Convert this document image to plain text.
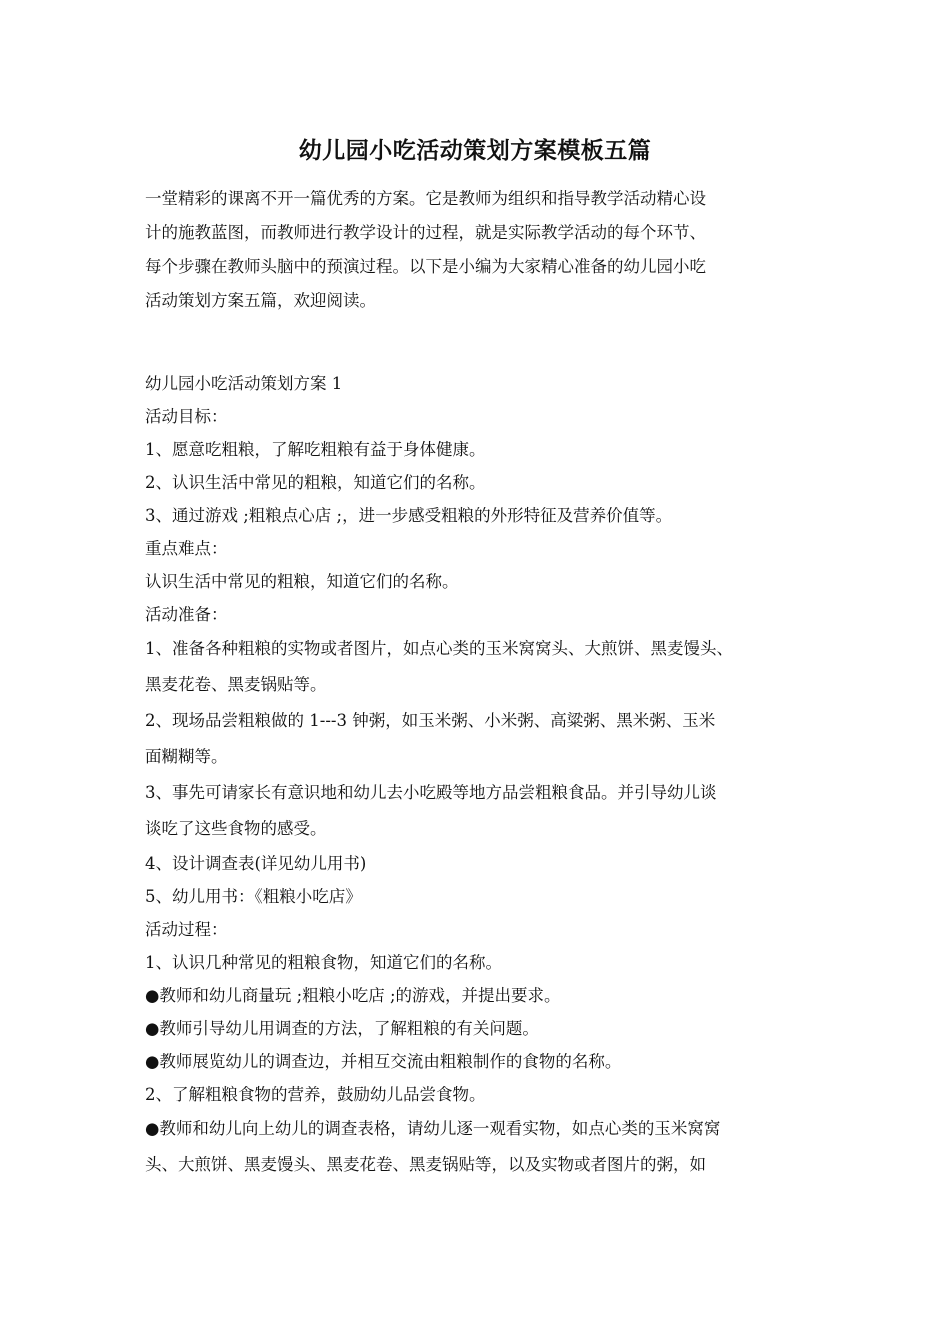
幼儿园小吃活动策划方案模板五篇

一堂精彩的课离不开一篇优秀的方案。它是教师为组织和指导教学活动精心设

计的施教蓝图，而教师进行教学设计的过程，就是实际教学活动的每个环节、

每个步骤在教师头脑中的预演过程。以下是小编为大家精心准备的幼儿园小吃

活动策划方案五篇，欢迎阅读。

幼儿园小吃活动策划方案 1

活动目标：

1、愿意吃粗粮，了解吃粗粮有益于身体健康。

2、认识生活中常见的粗粮，知道它们的名称。

3、通过游戏 ;粗粮点心店 ;，进一步感受粗粮的外形特征及营养价值等。

重点难点：

认识生活中常见的粗粮，知道它们的名称。

活动准备：

1、准备各种粗粮的实物或者图片，如点心类的玉米窝窝头、大煎饼、黑麦馒头、

黑麦花卷、黑麦锅贴等。

2、现场品尝粗粮做的 1---3 钟粥，如玉米粥、小米粥、高粱粥、黑米粥、玉米

面糊糊等。

3、事先可请家长有意识地和幼儿去小吃殿等地方品尝粗粮食品。并引导幼儿谈

谈吃了这些食物的感受。

4、设计调查表(详见幼儿用书)

5、幼儿用书：《粗粮小吃店》

活动过程：

1、认识几种常见的粗粮食物，知道它们的名称。

●教师和幼儿商量玩 ;粗粮小吃店 ;的游戏，并提出要求。

●教师引导幼儿用调查的方法，了解粗粮的有关问题。

●教师展览幼儿的调查边，并相互交流由粗粮制作的食物的名称。

2、了解粗粮食物的营养，鼓励幼儿品尝食物。

●教师和幼儿向上幼儿的调查表格，请幼儿逐一观看实物，如点心类的玉米窝窝

头、大煎饼、黑麦馒头、黑麦花卷、黑麦锅贴等，以及实物或者图片的粥，如
